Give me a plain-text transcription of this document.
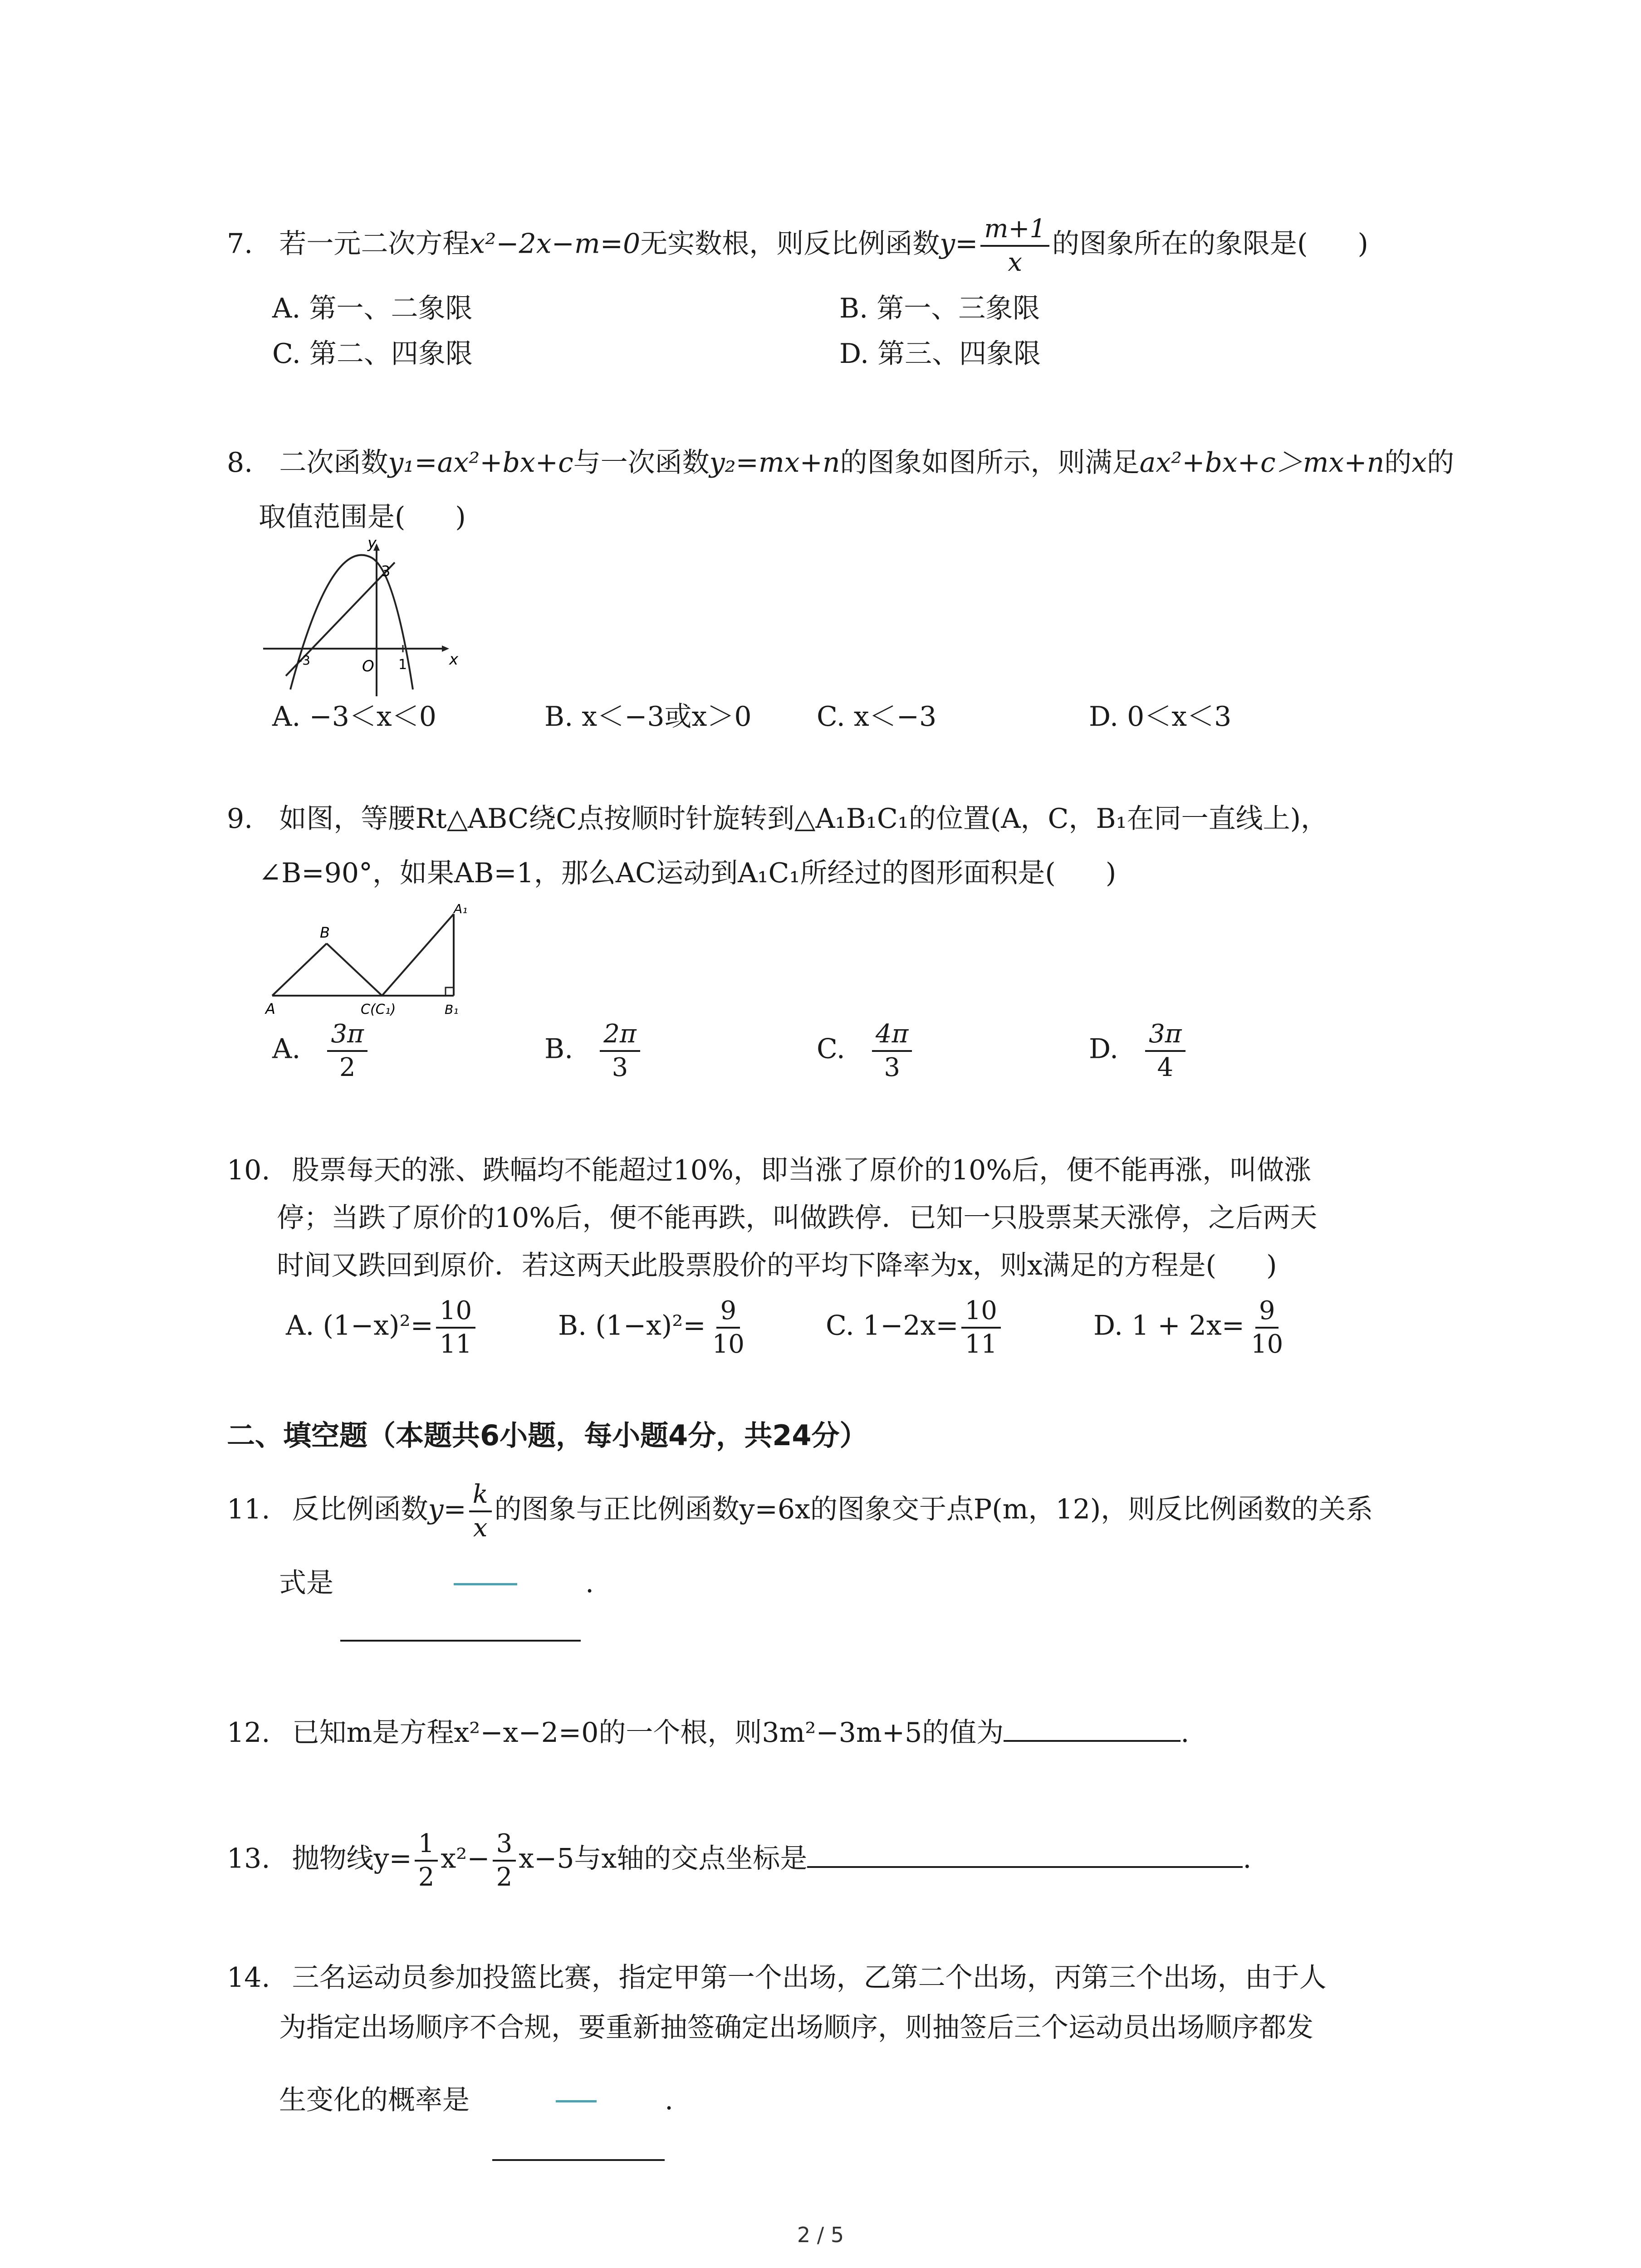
7. 若一元二次方程x²−2x−m=0无实数根，则反比例函数$y= \frac{m+1}{x}$ 的图象所在的象限是( )
A. 第一、二象限	B. 第一、三象限
C. 第二、四象限	D. 第三、四象限
8. 二次函数y₁=ax²+bx+c与一次函数y₂=mx+n的图象如图所示，则满足ax²+bx+c＞mx+n的x的
取值范围是( )
y
x
O
3
-3	1
A. −3＜x＜0	B. x＜−3或x＞0 C. x＜−3	D. 0＜x＜3
9. 如图，等腰Rt△ABC绕C点按顺时针旋转到△A₁B₁C₁的位置(A，C，B₁在同一直线上)，
∠B=90°，如果AB=1，那么AC运动到A₁C₁所经过的图形面积是( )
B
A	C(C₁)
A₁
B₁
A. $\frac{3\pi}{2}$	B. $\frac{2\pi}{3}$	C. $\frac{4\pi}{3}$	D. $\frac{3\pi}{4}$
10. 股票每天的涨、跌幅均不能超过10%，即当涨了原价的10%后，便不能再涨，叫做涨
停；当跌了原价的10%后，便不能再跌，叫做跌停．已知一只股票某天涨停，之后两天
时间又跌回到原价．若这两天此股票股价的平均下降率为x，则x满足的方程是( )
A. $(1-x)^2= \frac{10}{11}$	B. $(1-x)^2= \frac{9}{10}$	C. $1-2x= \frac{10}{11}$	D. $1 + 2x= \frac{9}{10}$
二、填空题（本题共6小题，每小题4分，共24分）
11. 反比例函数$y= \frac{k}{x}$ 的图象与正比例函数y=6x的图象交于点P(m，12)，则反比例函数的关系
式是	.
12. 已知m是方程x²−x−2=0的一个根，则3m²−3m+5的值为	.
13. 抛物线$y= \frac{1}{2} x^2- \frac{3}{2} x-5$与x轴的交点坐标是	.
14. 三名运动员参加投篮比赛，指定甲第一个出场，乙第二个出场，丙第三个出场，由于人
为指定出场顺序不合规，要重新抽签确定出场顺序，则抽签后三个运动员出场顺序都发
生变化的概率是	.
2 / 5
